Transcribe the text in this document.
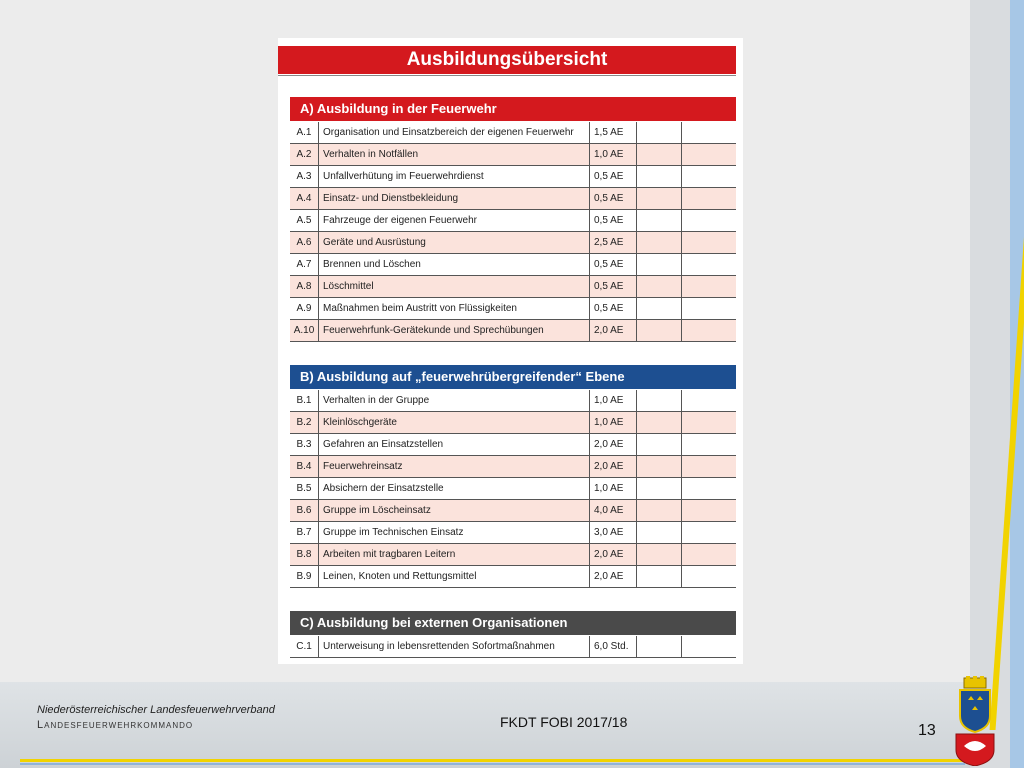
Ausbildungsübersicht
A) Ausbildung in der Feuerwehr
A.1	Organisation und Einsatzbereich der eigenen Feuerwehr	1,5 AE
A.2	Verhalten in Notfällen	1,0 AE
A.3	Unfallverhütung im Feuerwehrdienst	0,5 AE
A.4	Einsatz- und Dienstbekleidung	0,5 AE
A.5	Fahrzeuge der eigenen Feuerwehr	0,5 AE
A.6	Geräte und Ausrüstung	2,5 AE
A.7	Brennen und Löschen	0,5 AE
A.8	Löschmittel	0,5 AE
A.9	Maßnahmen beim Austritt von Flüssigkeiten	0,5 AE
A.10 Feuerwehrfunk-Gerätekunde und Sprechübungen	2,0 AE
B) Ausbildung auf „feuerwehrübergreifender“ Ebene
B.1	Verhalten in der Gruppe	1,0 AE
B.2	Kleinlöschgeräte	1,0 AE
B.3	Gefahren an Einsatzstellen	2,0 AE
B.4	Feuerwehreinsatz	2,0 AE
B.5	Absichern der Einsatzstelle	1,0 AE
B.6	Gruppe im Löscheinsatz	4,0 AE
B.7	Gruppe im Technischen Einsatz	3,0 AE
B.8	Arbeiten mit tragbaren Leitern	2,0 AE
B.9	Leinen, Knoten und Rettungsmittel	2,0 AE
C) Ausbildung bei externen Organisationen
C.1	Unterweisung in lebensrettenden Sofortmaßnahmen	6,0 Std.
Niederösterreichischer Landesfeuerwehrverband
Landesfeuerwehrkommando	FKDT FOBI 2017/18	13
